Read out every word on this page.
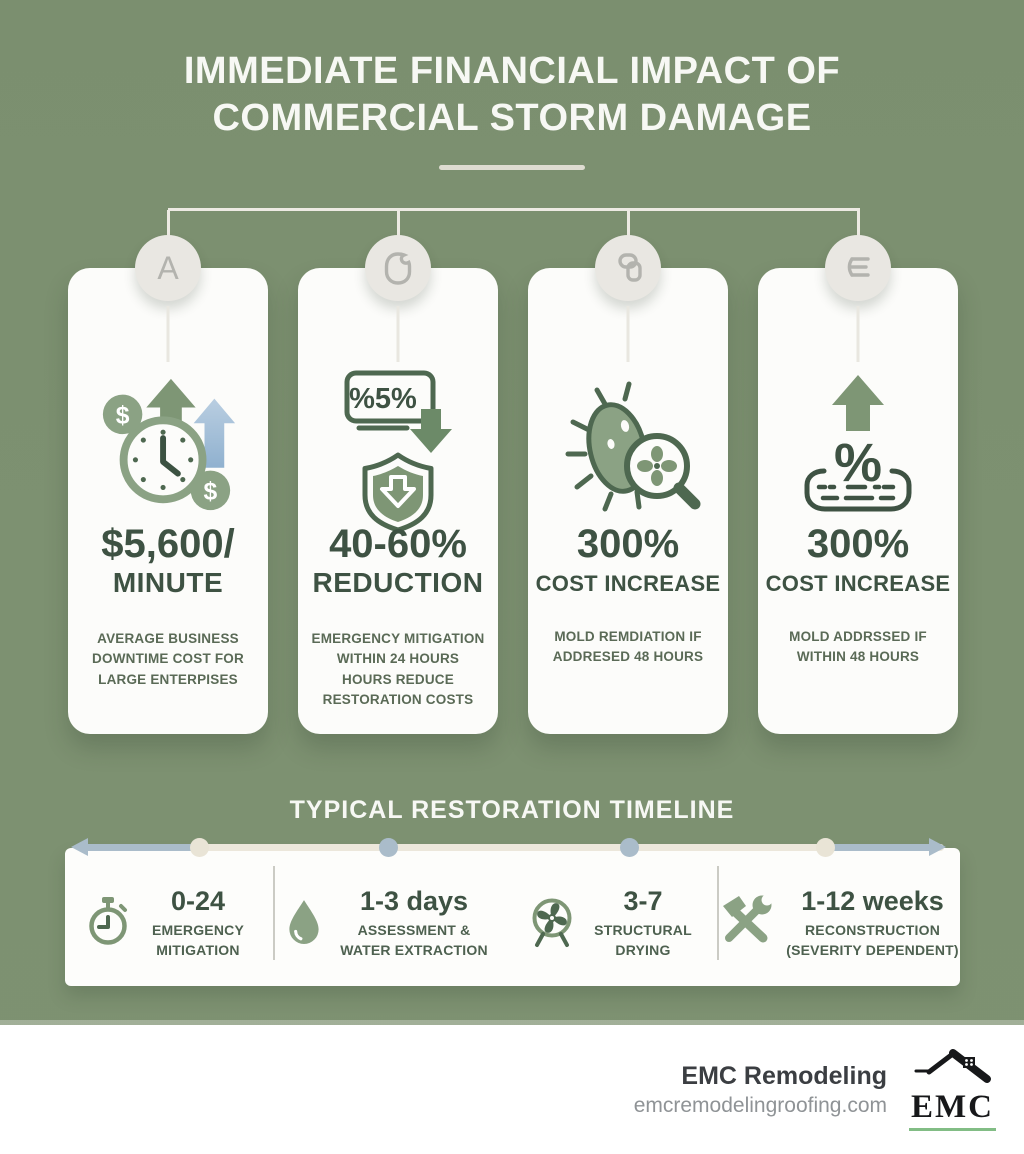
IMMEDIATE FINANCIAL IMPACT OF
COMMERCIAL STORM DAMAGE
A
$
$
$5,600/
MINUTE
AVERAGE BUSINESS DOWNTIME COST FOR LARGE ENTERPISES
%5%
40-60%
REDUCTION
EMERGENCY MITIGATION WITHIN 24 HOURS HOURS REDUCE RESTORATION COSTS
300%
COST INCREASE
MOLD REMDIATION IF ADDRESED 48 HOURS
%
300%
COST INCREASE
MOLD ADDRSSED IF WITHIN 48 HOURS
TYPICAL RESTORATION TIMELINE
0-24
EMERGENCY MITIGATION
1-3 days
ASSESSMENT & WATER EXTRACTION
3-7
STRUCTURAL DRYING
1-12 weeks
RECONSTRUCTION (SEVERITY DEPENDENT)
EMC Remodeling
emcremodelingroofing.com EMC
